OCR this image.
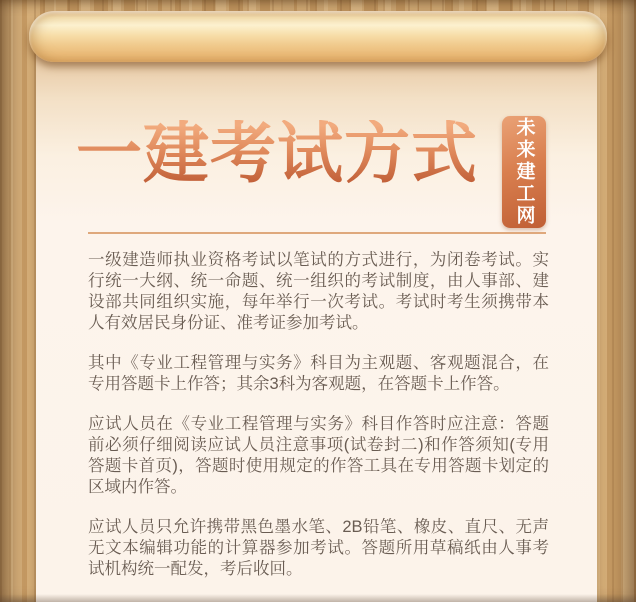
一建考试方式 未来建工网

一级建造师执业资格考试以笔试的方式进行，为闭卷考试。实行统一大纲、统一命题、统一组织的考试制度，由人事部、建设部共同组织实施，每年举行一次考试。考试时考生须携带本人有效居民身份证、准考证参加考试。

其中《专业工程管理与实务》科目为主观题、客观题混合，在专用答题卡上作答；其余3科为客观题，在答题卡上作答。

应试人员在《专业工程管理与实务》科目作答时应注意：答题前必须仔细阅读应试人员注意事项(试卷封二)和作答须知(专用答题卡首页)，答题时使用规定的作答工具在专用答题卡划定的区域内作答。

应试人员只允许携带黑色墨水笔、2B铅笔、橡皮、直尺、无声无文本编辑功能的计算器参加考试。答题所用草稿纸由人事考试机构统一配发，考后收回。
